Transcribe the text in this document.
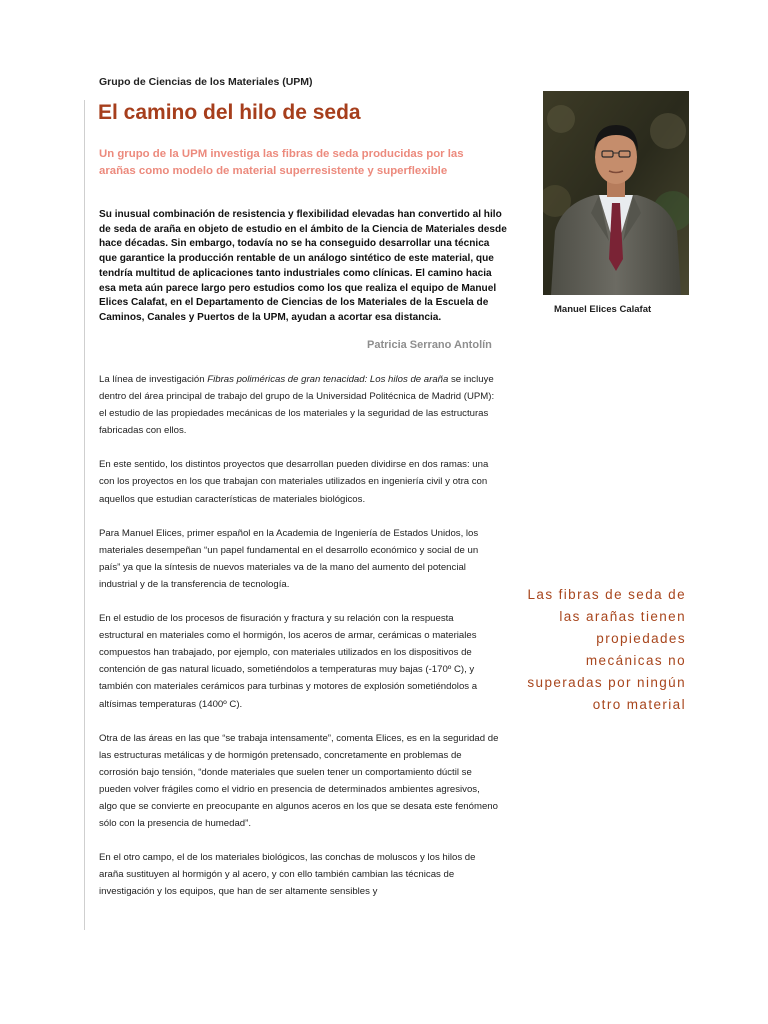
Grupo de Ciencias de los Materiales (UPM)
El camino del hilo de seda

Un grupo de la UPM investiga las fibras de seda producidas por las arañas como modelo de material superresistente y superflexible

Su inusual combinación de resistencia y flexibilidad elevadas han convertido al hilo de seda de araña en objeto de estudio en el ámbito de la Ciencia de Materiales desde hace décadas. Sin embargo, todavía no se ha conseguido desarrollar una técnica que garantice la producción rentable de un análogo sintético de este material, que tendría multitud de aplicaciones tanto industriales como clínicas. El camino hacia esa meta aún parece largo pero estudios como los que realiza el equipo de Manuel Elices Calafat, en el Departamento de Ciencias de los Materiales de la Escuela de Caminos, Canales y Puertos de la UPM, ayudan a acortar esa distancia.

Patricia Serrano Antolín

La línea de investigación Fibras poliméricas de gran tenacidad: Los hilos de araña se incluye dentro del área principal de trabajo del grupo de la Universidad Politécnica de Madrid (UPM): el estudio de las propiedades mecánicas de los materiales y la seguridad de las estructuras fabricadas con ellos.

En este sentido, los distintos proyectos que desarrollan pueden dividirse en dos ramas: una con los proyectos en los que trabajan con materiales utilizados en ingeniería civil y otra con aquellos que estudian características de materiales biológicos.

Para Manuel Elices, primer español en la Academia de Ingeniería de Estados Unidos, los materiales desempeñan “un papel fundamental en el desarrollo económico y social de un país” ya que la síntesis de nuevos materiales va de la mano del aumento del potencial industrial y de la transferencia de tecnología.

En el estudio de los procesos de fisuración y fractura y su relación con la respuesta estructural en materiales como el hormigón, los aceros de armar, cerámicas o materiales compuestos han trabajado, por ejemplo, con materiales utilizados en los dispositivos de contención de gas natural licuado, sometiéndolos a temperaturas muy bajas (-170º C), y también con materiales cerámicos para turbinas y motores de explosión sometiéndolos a altísimas temperaturas (1400º C).

Otra de las áreas en las que “se trabaja intensamente”, comenta Elices, es en la seguridad de las estructuras metálicas y de hormigón pretensado, concretamente en problemas de corrosión bajo tensión, “donde materiales que suelen tener un comportamiento dúctil se pueden volver frágiles como el vidrio en presencia de determinados ambientes agresivos, algo que se convierte en preocupante en algunos aceros en los que se desata este fenómeno sólo con la presencia de humedad”.

En el otro campo, el de los materiales biológicos, las conchas de moluscos y los hilos de araña sustituyen al hormigón y al acero, y con ello también cambian las técnicas de investigación y los equipos, que han de ser altamente sensibles y

Manuel Elices Calafat

Las fibras de seda de las arañas tienen propiedades mecánicas no superadas por ningún otro material
